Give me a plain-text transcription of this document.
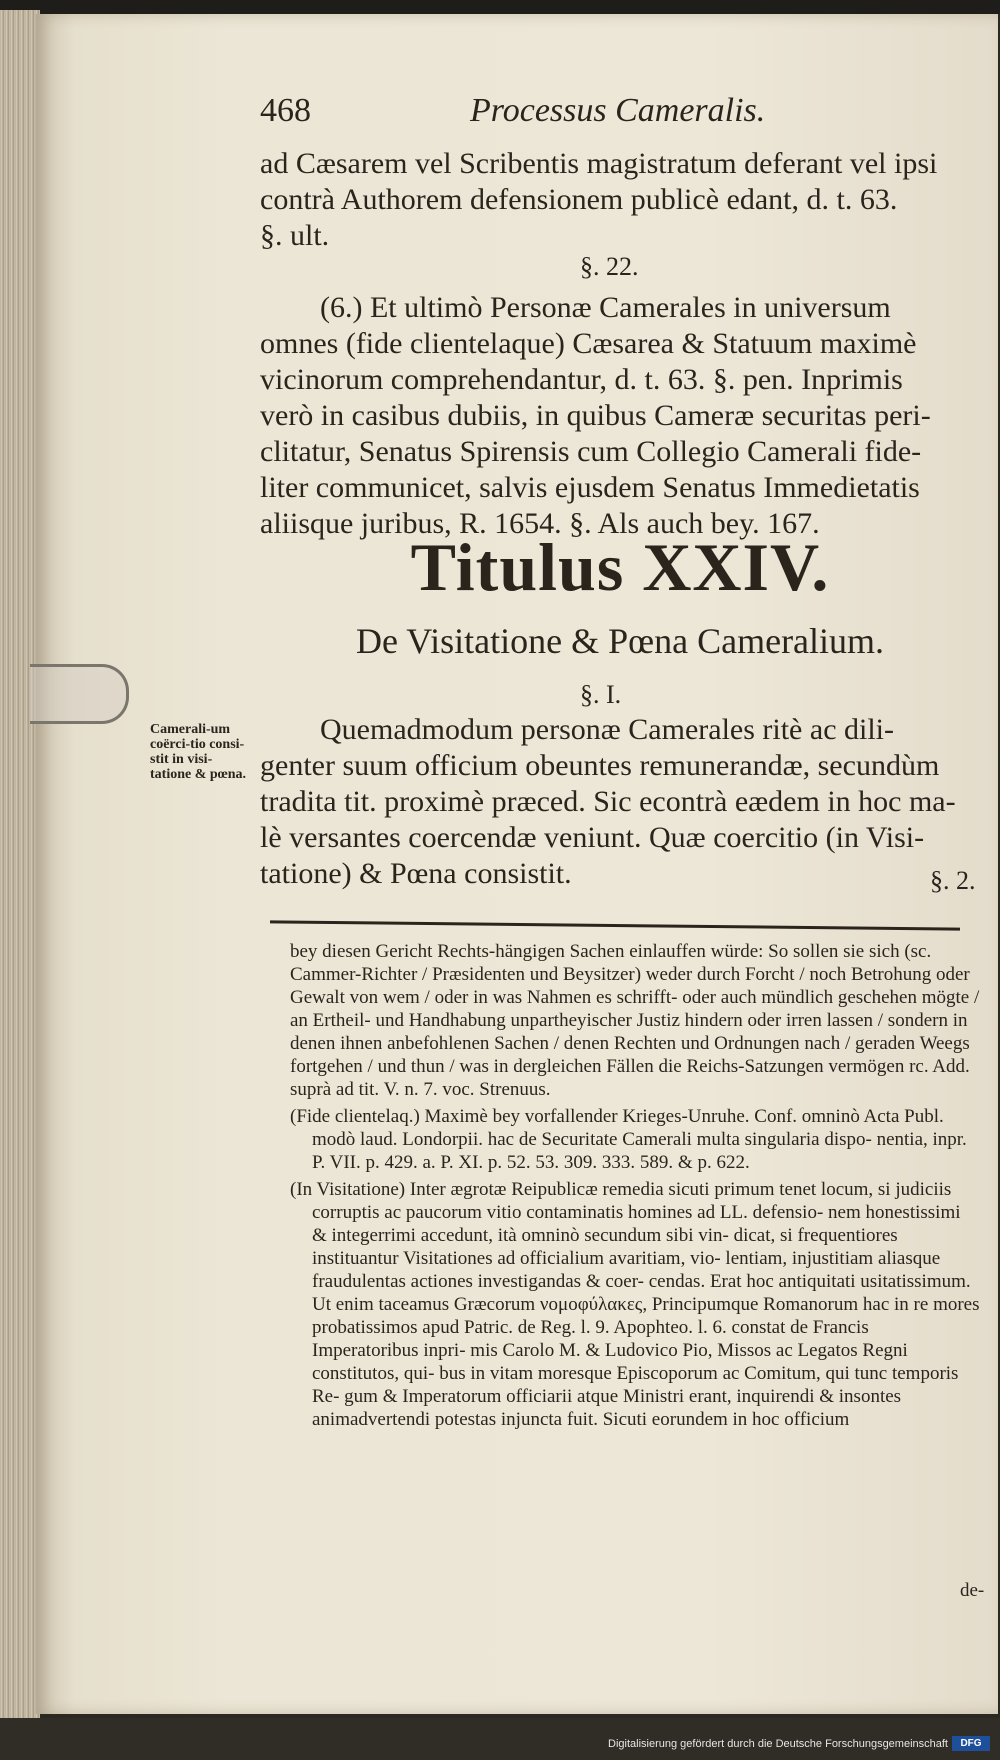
468	Processus Cameralis.

ad Cæsarem vel Scribentis magistratum deferant vel ipsi

contrà Authorem defensionem publicè edant, d. t. 63.

§. ult.

§. 22.

(6.) Et ultimò Personæ Camerales in universum

omnes (fide clientelaque) Cæsarea & Statuum maximè

vicinorum comprehendantur, d. t. 63. §. pen. Inprimis

verò in casibus dubiis, in quibus Cameræ securitas peri-

clitatur, Senatus Spirensis cum Collegio Camerali fide-

liter communicet, salvis ejusdem Senatus Immedietatis

aliisque juribus, R. 1654. §. Als auch bey. 167.

Titulus XXIV.
De Visitatione & Pœna Cameralium.
§. I.
Camerali-um coërci-tio consi-stit in visi-tatione & pœna.

Quemadmodum personæ Camerales ritè ac dili-

genter suum officium obeuntes remunerandæ, secundùm

tradita tit. proximè præced. Sic econtrà eædem in hoc ma-

lè versantes coercendæ veniunt. Quæ coercitio (in Visi-

tatione) & Pœna consistit.	§. 2.

bey diesen Gericht Rechts-hängigen Sachen einlauffen würde: So sollen sie sich (sc. Cammer-Richter / Præsidenten und Beysitzer) weder durch Forcht / noch Betrohung oder Gewalt von wem / oder in was Nahmen es schrifft- oder auch mündlich geschehen mögte / an Ertheil- und Handhabung unpartheyischer Justiz hindern oder irren lassen / sondern in denen ihnen anbefohlenen Sachen / denen Rechten und Ordnungen nach / geraden Weegs fortgehen / und thun / was in dergleichen Fällen die Reichs-Satzungen vermögen rc. Add. suprà ad tit. V. n. 7. voc. Strenuus.

(Fide clientelaq.) Maximè bey vorfallender Krieges-Unruhe. Conf. omninò Acta Publ. modò laud. Londorpii. hac de Securitate Camerali multa singularia dispo- nentia, inpr. P. VII. p. 429. a. P. XI. p. 52. 53. 309. 333. 589. & p. 622.

(In Visitatione) Inter ægrotæ Reipublicæ remedia sicuti primum tenet locum, si judiciis corruptis ac paucorum vitio contaminatis homines ad LL. defensio- nem honestissimi & integerrimi accedunt, ità omninò secundum sibi vin- dicat, si frequentiores instituantur Visitationes ad officialium avaritiam, vio- lentiam, injustitiam aliasque fraudulentas actiones investigandas & coer- cendas. Erat hoc antiquitati usitatissimum. Ut enim taceamus Græcorum νομοφύλακες, Principumque Romanorum hac in re mores probatissimos apud Patric. de Reg. l. 9. Apophteo. l. 6. constat de Francis Imperatoribus inpri- mis Carolo M. & Ludovico Pio, Missos ac Legatos Regni constitutos, qui- bus in vitam moresque Episcoporum ac Comitum, qui tunc temporis Re- gum & Imperatorum officiarii atque Ministri erant, inquirendi & insontes animadvertendi potestas injuncta fuit. Sicuti eorundem in hoc officium

de-
Digitalisierung gefördert durch die Deutsche Forschungsgemeinschaft	DFG
